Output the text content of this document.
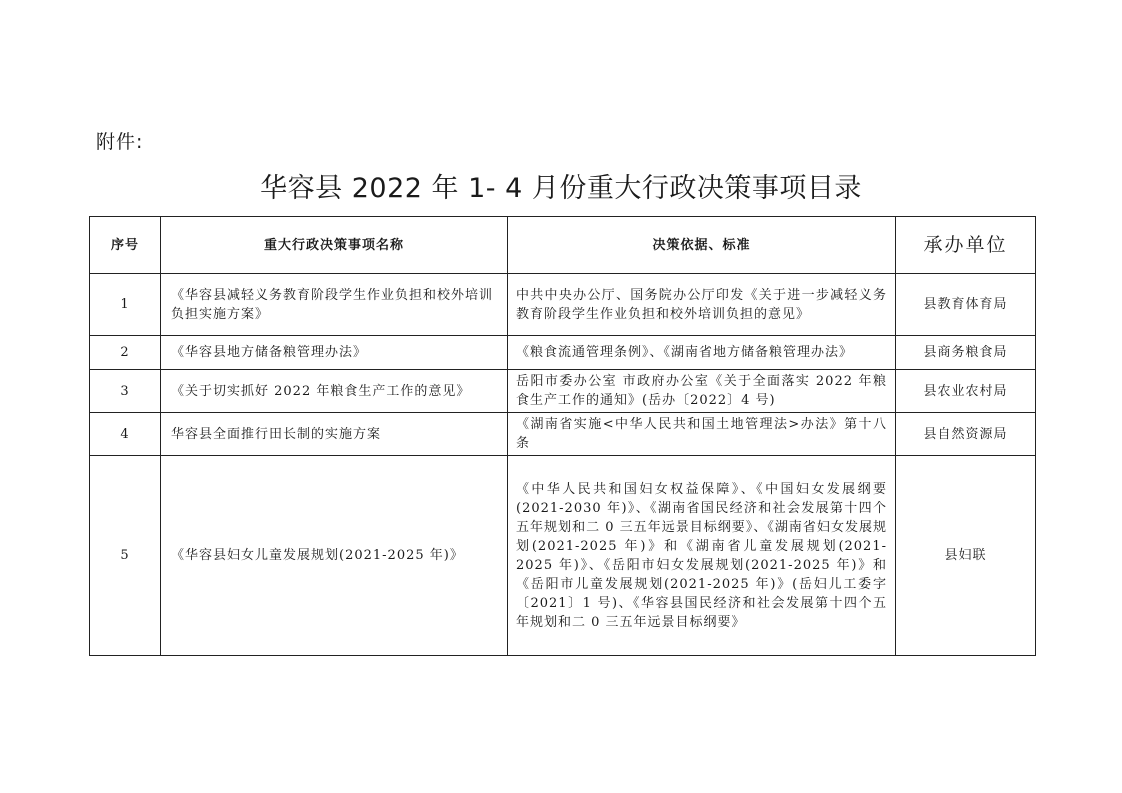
附件:
华容县 2022 年 1- 4 月份重大行政决策事项目录
序号	重大行政决策事项名称	决策依据、标准	承办单位
1	《华容县减轻义务教育阶段学生作业负担和校外培训负担实施方案》	中共中央办公厅、国务院办公厅印发《关于进一步减轻义务教育阶段学生作业负担和校外培训负担的意见》	县教育体育局
2	《华容县地方储备粮管理办法》	《粮食流通管理条例》、《湖南省地方储备粮管理办法》	县商务粮食局
3	《关于切实抓好 2022 年粮食生产工作的意见》	岳阳市委办公室 市政府办公室《关于全面落实 2022 年粮食生产工作的通知》(岳办〔2022〕4 号)	县农业农村局
4	华容县全面推行田长制的实施方案	《湖南省实施<中华人民共和国土地管理法>办法》第十八条	县自然资源局
5	《华容县妇女儿童发展规划(2021-2025 年)》	《中华人民共和国妇女权益保障》、《中国妇女发展纲要(2021-2030 年)》、《湖南省国民经济和社会发展第十四个五年规划和二 0 三五年远景目标纲要》、《湖南省妇女发展规划(2021-2025 年)》和《湖南省儿童发展规划(2021-2025 年)》、《岳阳市妇女发展规划(2021-2025 年)》和《岳阳市儿童发展规划(2021-2025 年)》(岳妇儿工委字〔2021〕1 号)、《华容县国民经济和社会发展第十四个五年规划和二 0 三五年远景目标纲要》	县妇联
